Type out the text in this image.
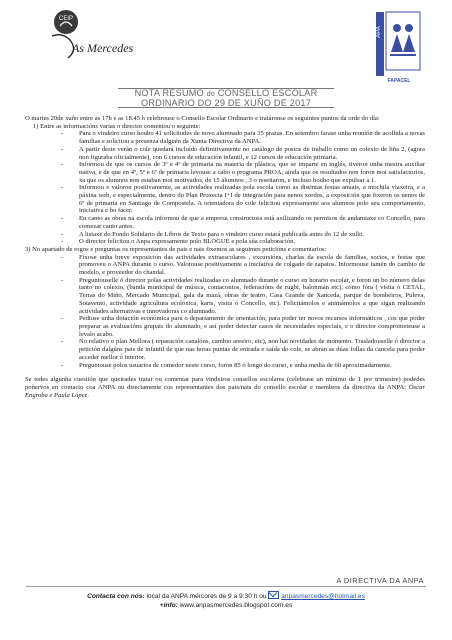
CEIP
As Mercedes
APA
FAPACEL
NOTA RESUMO do CONSELLO ESCOLAR
ORDINARIO DO 29 DE XUÑO DE 2017

O martes 29de xuño entre as 17h e as 18.45 h celebrouse o Consello Escolar Ordinario e tratáronse os seguintes puntos da orde do día:

1) Entre as informacións varias o director comentou o seguinte:

- Para o vindeiro curso houbo 41 solicitudes de novo alumnado para 35 prazas. En setembro farase unha reunión de acollida a novas familias e solicitou a presenza dalguén da Xunta Directiva da ANPA.
- A partir deste verán o cole quedará incluído definitivamente no catálogo de postos de traballo como un colexio de liña 2, (agora non figuraba oficialmente), con 6 cursos de educación infantil, e 12 cursos de educación primaria.
- Informou de que os cursos de 3º e 4º de primaria na materia de plástica, que se imparte en inglés, tiveron unha mestra auxiliar nativa, e de que en 4º, 5º e 6º de primaria levouse a cabo o programa PROA, aínda que os resultados non foron moi satisfactorios, xa que os alumnos non estaban moi motivados, de 15 alumnos , 3 o reseitaron, e incluso houbo que expulsar a 1.
- Informou e valorou positivamente, as actividades realizadas pola escola como as distintas festas anuais, a mochila viaxeira, e a páxina web, e especialmente, dentro do Plan Proxecta I+I de integración para nenos xordos, a exposición que fixeron os nenos de 6º de primaria en Santiago de Compostela. A orientadora do cole felicitou expresamente aos alumnos polo seu comportamento, iniciativa e bo facer.
- En canto as obras na escola informou de que a empresa constructora está axilizando os permisos de andamiaxe co Concello, para comezar canto antes.
- A listaxe do Fondo Solidario de Libros de Texto para o vindeiro curso estará publicada antes do 12 de xullo.
- O director felicitou o Anpa expresamente polo BLOGUE e pola súa colaboración.

3) No apartado de rogos e preguntas os representantes de pais e nais fixemos as seguintes peticións e comentarios:

- Fixose unha breve exposición das actividades extraescolares , excursións, charlas da escola de familias, socios, e festas que promoveu o ANPA durante o curso. Valorouse positivamente a iniciativa de colgado de zapatos. Informouse tamén do cambio de modelo, e proveedor do chandal.
- Preguntouselle ó director polas actividades realizadas co alumnado durante o curso en horario escolar, e foron un bo número delas tanto no colexio, (banda municipal de música, contacontos, federacións de rugbi, balonmán etc), como fóra ( visita ó CETAL, Terras do Miño, Mercado Municipal, gala da mazá, obras de teatro, Casa Grande de Xanceda, parque de bombeiros, Puleva, Sotavento, actividade agricultura ecolóxica, karts, visita ó Concello, etc). Felicitámolos e animámolos a que sigan realizando actividades alternativas e innovadoras co alumnado.
- Pediuse unha dotación económica para o departamento de orientación, para poder ter novos recursos informáticos , cos que poder preparar as evaluacións grupais do alumnado, e así poder detectar casos de necesidades especiais, e o director comprometeuse a levalo acabo.
- No relativo o plan Mellora ( reparación canalóns, cambio areeiro, etc), non hai novidades de momento. Trasladouselle ó director a petición dalgúns pais de infantil de que nas horas puntas de entrada e saída do cole, se abran as dúas follas da cancela para poder acceder mellor ó interior.
- Preguntouse polos usuarios de comedor neste curso, foron 85 ó longo do curso, e unha media de 60 aproximadamente.

Se tedes algunha cuestión que queirades tratar ou comentar para vindeiros consellos escolares (celebrase un mínimo de 1 por trimestre) podedes poñervos en contacto coa ANPA ou directamente cos representantes dos pais/nais do consello escolar e membros da directiva da ANPA: Óscar Engroba e Paula López.

A DIRECTIVA DA ANPA
Contacta con nós: local da ANPA mércores de 9 a 9:30 h ou  anpasmercedes@hotmail.es
+info: www.anpasmercedes.blogspot.com.es
